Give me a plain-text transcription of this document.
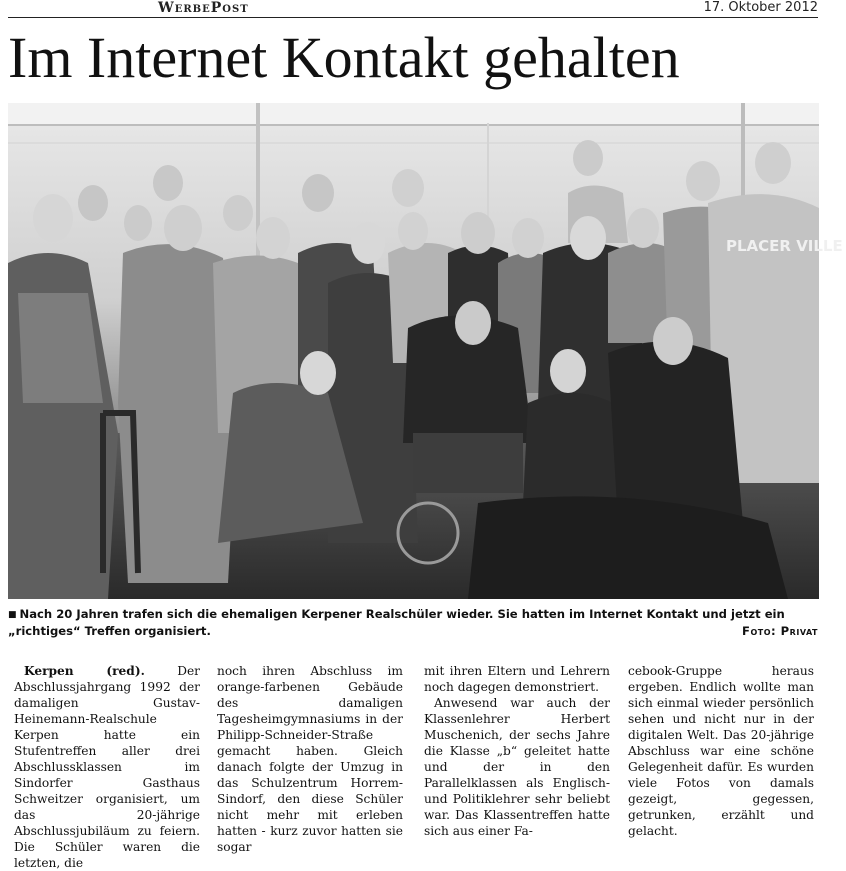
WerbePost	17. Oktober 2012
Im Internet Kontakt gehalten
PLACER VILLE
■ Nach 20 Jahren trafen sich die ehemaligen Kerpener Realschüler wieder. Sie hatten im Internet Kontakt und jetzt ein „richtiges“ Treffen organisiert.	Foto: Privat

Kerpen (red). Der Abschlussjahrgang 1992 der damaligen Gustav-Heinemann-Realschule Kerpen hatte ein Stufentreffen aller drei Abschlussklassen im Sindorfer Gasthaus Schweitzer organisiert, um das 20-jährige Abschlussjubiläum zu feiern. Die Schüler waren die letzten, die

noch ihren Abschluss im orange-farbenen Gebäude des damaligen Tagesheimgymnasiums in der Philipp-Schneider-Straße gemacht haben. Gleich danach folgte der Umzug in das Schulzentrum Horrem-Sindorf, den diese Schüler nicht mehr mit erleben hatten - kurz zuvor hatten sie sogar

mit ihren Eltern und Lehrern noch dagegen demonstriert.

Anwesend war auch der Klassenlehrer Herbert Muschenich, der sechs Jahre die Klasse „b“ geleitet hatte und der in den Parallelklassen als Englisch- und Politiklehrer sehr beliebt war. Das Klassentreffen hatte sich aus einer Fa-

cebook-Gruppe heraus ergeben. Endlich wollte man sich einmal wieder persönlich sehen und nicht nur in der digitalen Welt. Das 20-jährige Abschluss war eine schöne Gelegenheit dafür. Es wurden viele Fotos von damals gezeigt, gegessen, getrunken, erzählt und gelacht.
